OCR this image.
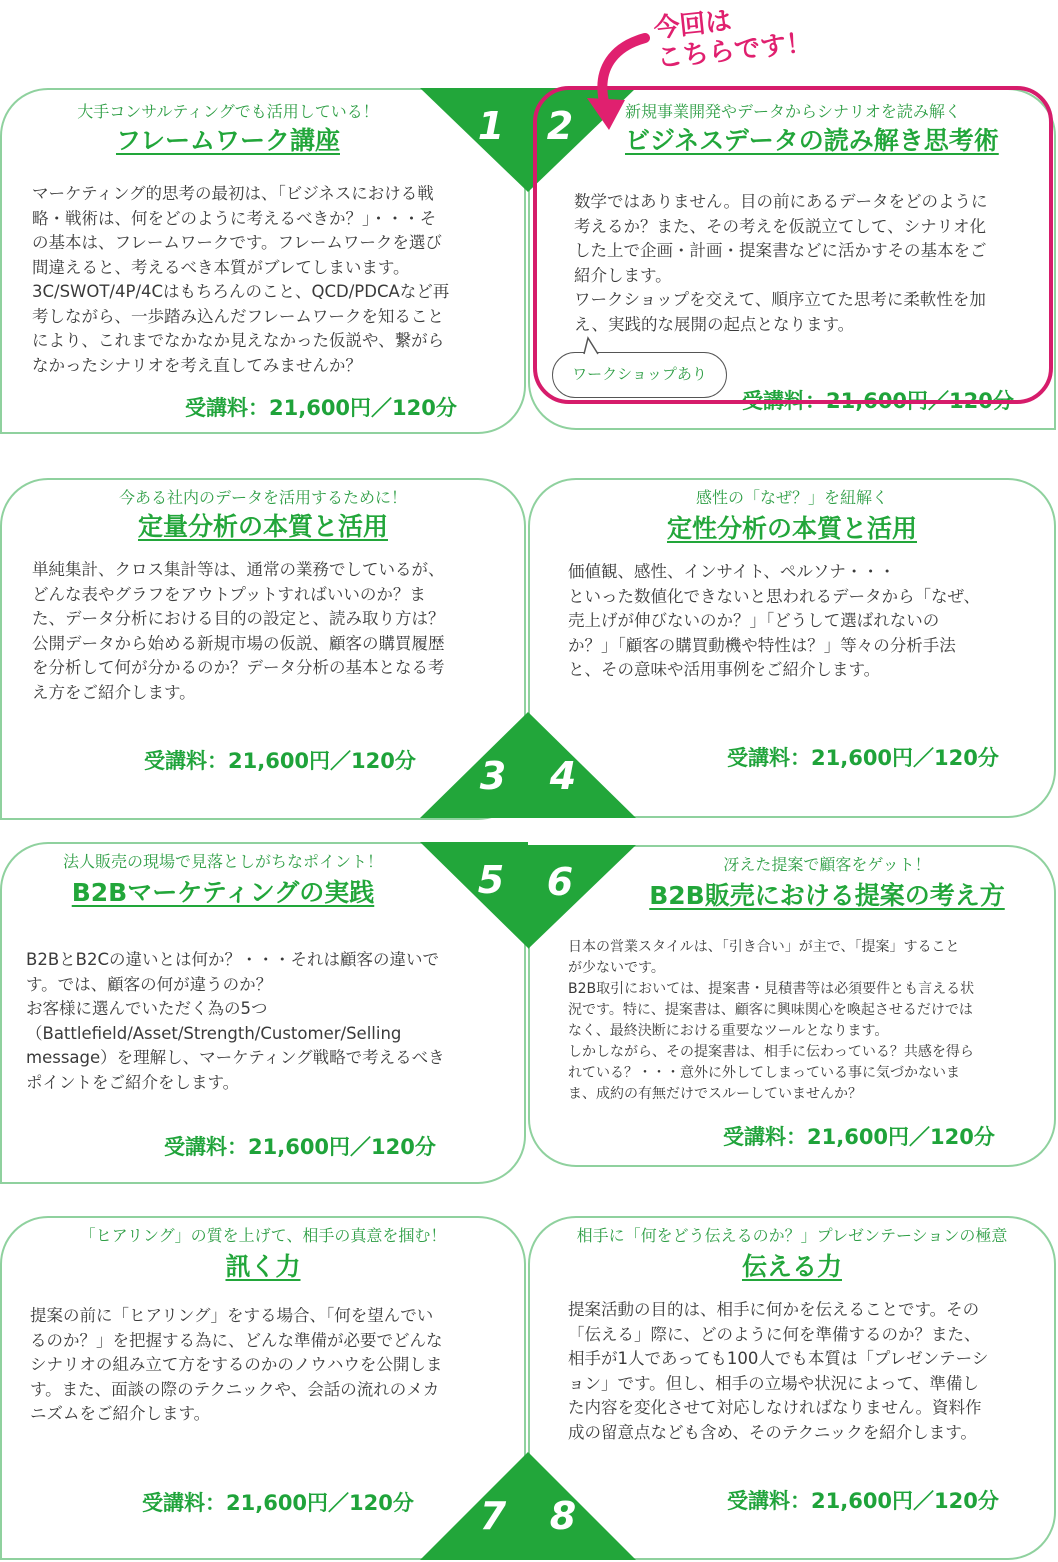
大手コンサルティングでも活用している！
フレームワーク講座
マーケティング的思考の最初は、「ビジネスにおける戦
略・戦術は、何をどのように考えるべきか？」・・・そ
の基本は、フレームワークです。フレームワークを選び
間違えると、考えるべき本質がブレてしまいます。
3C/SWOT/4P/4Cはもちろんのこと、QCD/PDCAなど再
考しながら、一歩踏み込んだフレームワークを知ること
により、これまでなかなか見えなかった仮説や、繋がら
なかったシナリオを考え直してみませんか？
受講料：21,600円／120分
新規事業開発やデータからシナリオを読み解く
ビジネスデータの読み解き思考術
数学ではありません。目の前にあるデータをどのように
考えるか？また、その考えを仮説立てして、シナリオ化
した上で企画・計画・提案書などに活かすその基本をご
紹介します。
ワークショップを交えて、順序立てた思考に柔軟性を加
え、実践的な展開の起点となります。
受講料：21,600円／120分
今ある社内のデータを活用するために！
定量分析の本質と活用
単純集計、クロス集計等は、通常の業務でしているが、
どんな表やグラフをアウトプットすればいいのか？ま
た、データ分析における目的の設定と、読み取り方は？
公開データから始める新規市場の仮説、顧客の購買履歴
を分析して何が分かるのか？データ分析の基本となる考
え方をご紹介します。
受講料：21,600円／120分
感性の「なぜ？」を紐解く
定性分析の本質と活用
価値観、感性、インサイト、ペルソナ・・・
といった数値化できないと思われるデータから「なぜ、
売上げが伸びないのか？」「どうして選ばれないの
か？」「顧客の購買動機や特性は？」等々の分析手法
と、その意味や活用事例をご紹介します。
受講料：21,600円／120分
法人販売の現場で見落としがちなポイント！
B2Bマーケティングの実践
B2BとB2Cの違いとは何か？・・・それは顧客の違いで
す。では、顧客の何が違うのか？
お客様に選んでいただく為の5つ
（Battlefield/Asset/Strength/Customer/Selling
message）を理解し、マーケティング戦略で考えるべき
ポイントをご紹介をします。
受講料：21,600円／120分
冴えた提案で顧客をゲット！
B2B販売における提案の考え方
日本の営業スタイルは、「引き合い」が主で、「提案」すること
が少ないです。
B2B取引においては、提案書・見積書等は必須要件とも言える状
況です。特に、提案書は、顧客に興味関心を喚起させるだけでは
なく、最終決断における重要なツールとなります。
しかしながら、その提案書は、相手に伝わっている？共感を得ら
れている？・・・意外に外してしまっている事に気づかないま
ま、成約の有無だけでスルーしていませんか？
受講料：21,600円／120分
「ヒアリング」の質を上げて、相手の真意を掴む！
訊く力
提案の前に「ヒアリング」をする場合、「何を望んでい
るのか？」を把握する為に、どんな準備が必要でどんな
シナリオの組み立て方をするのかのノウハウを公開しま
す。また、面談の際のテクニックや、会話の流れのメカ
ニズムをご紹介します。
受講料：21,600円／120分
相手に「何をどう伝えるのか？」プレゼンテーションの極意
伝える力
提案活動の目的は、相手に何かを伝えることです。その
「伝える」際に、どのように何を準備するのか？また、
相手が1人であっても100人でも本質は「プレゼンテーシ
ョン」です。但し、相手の立場や状況によって、準備し
た内容を変化させて対応しなければなりません。資料作
成の留意点なども含め、そのテクニックを紹介します。
受講料：21,600円／120分
1	2
3	4
5	6
7	8
今回は
こちらです！
ワークショップあり
